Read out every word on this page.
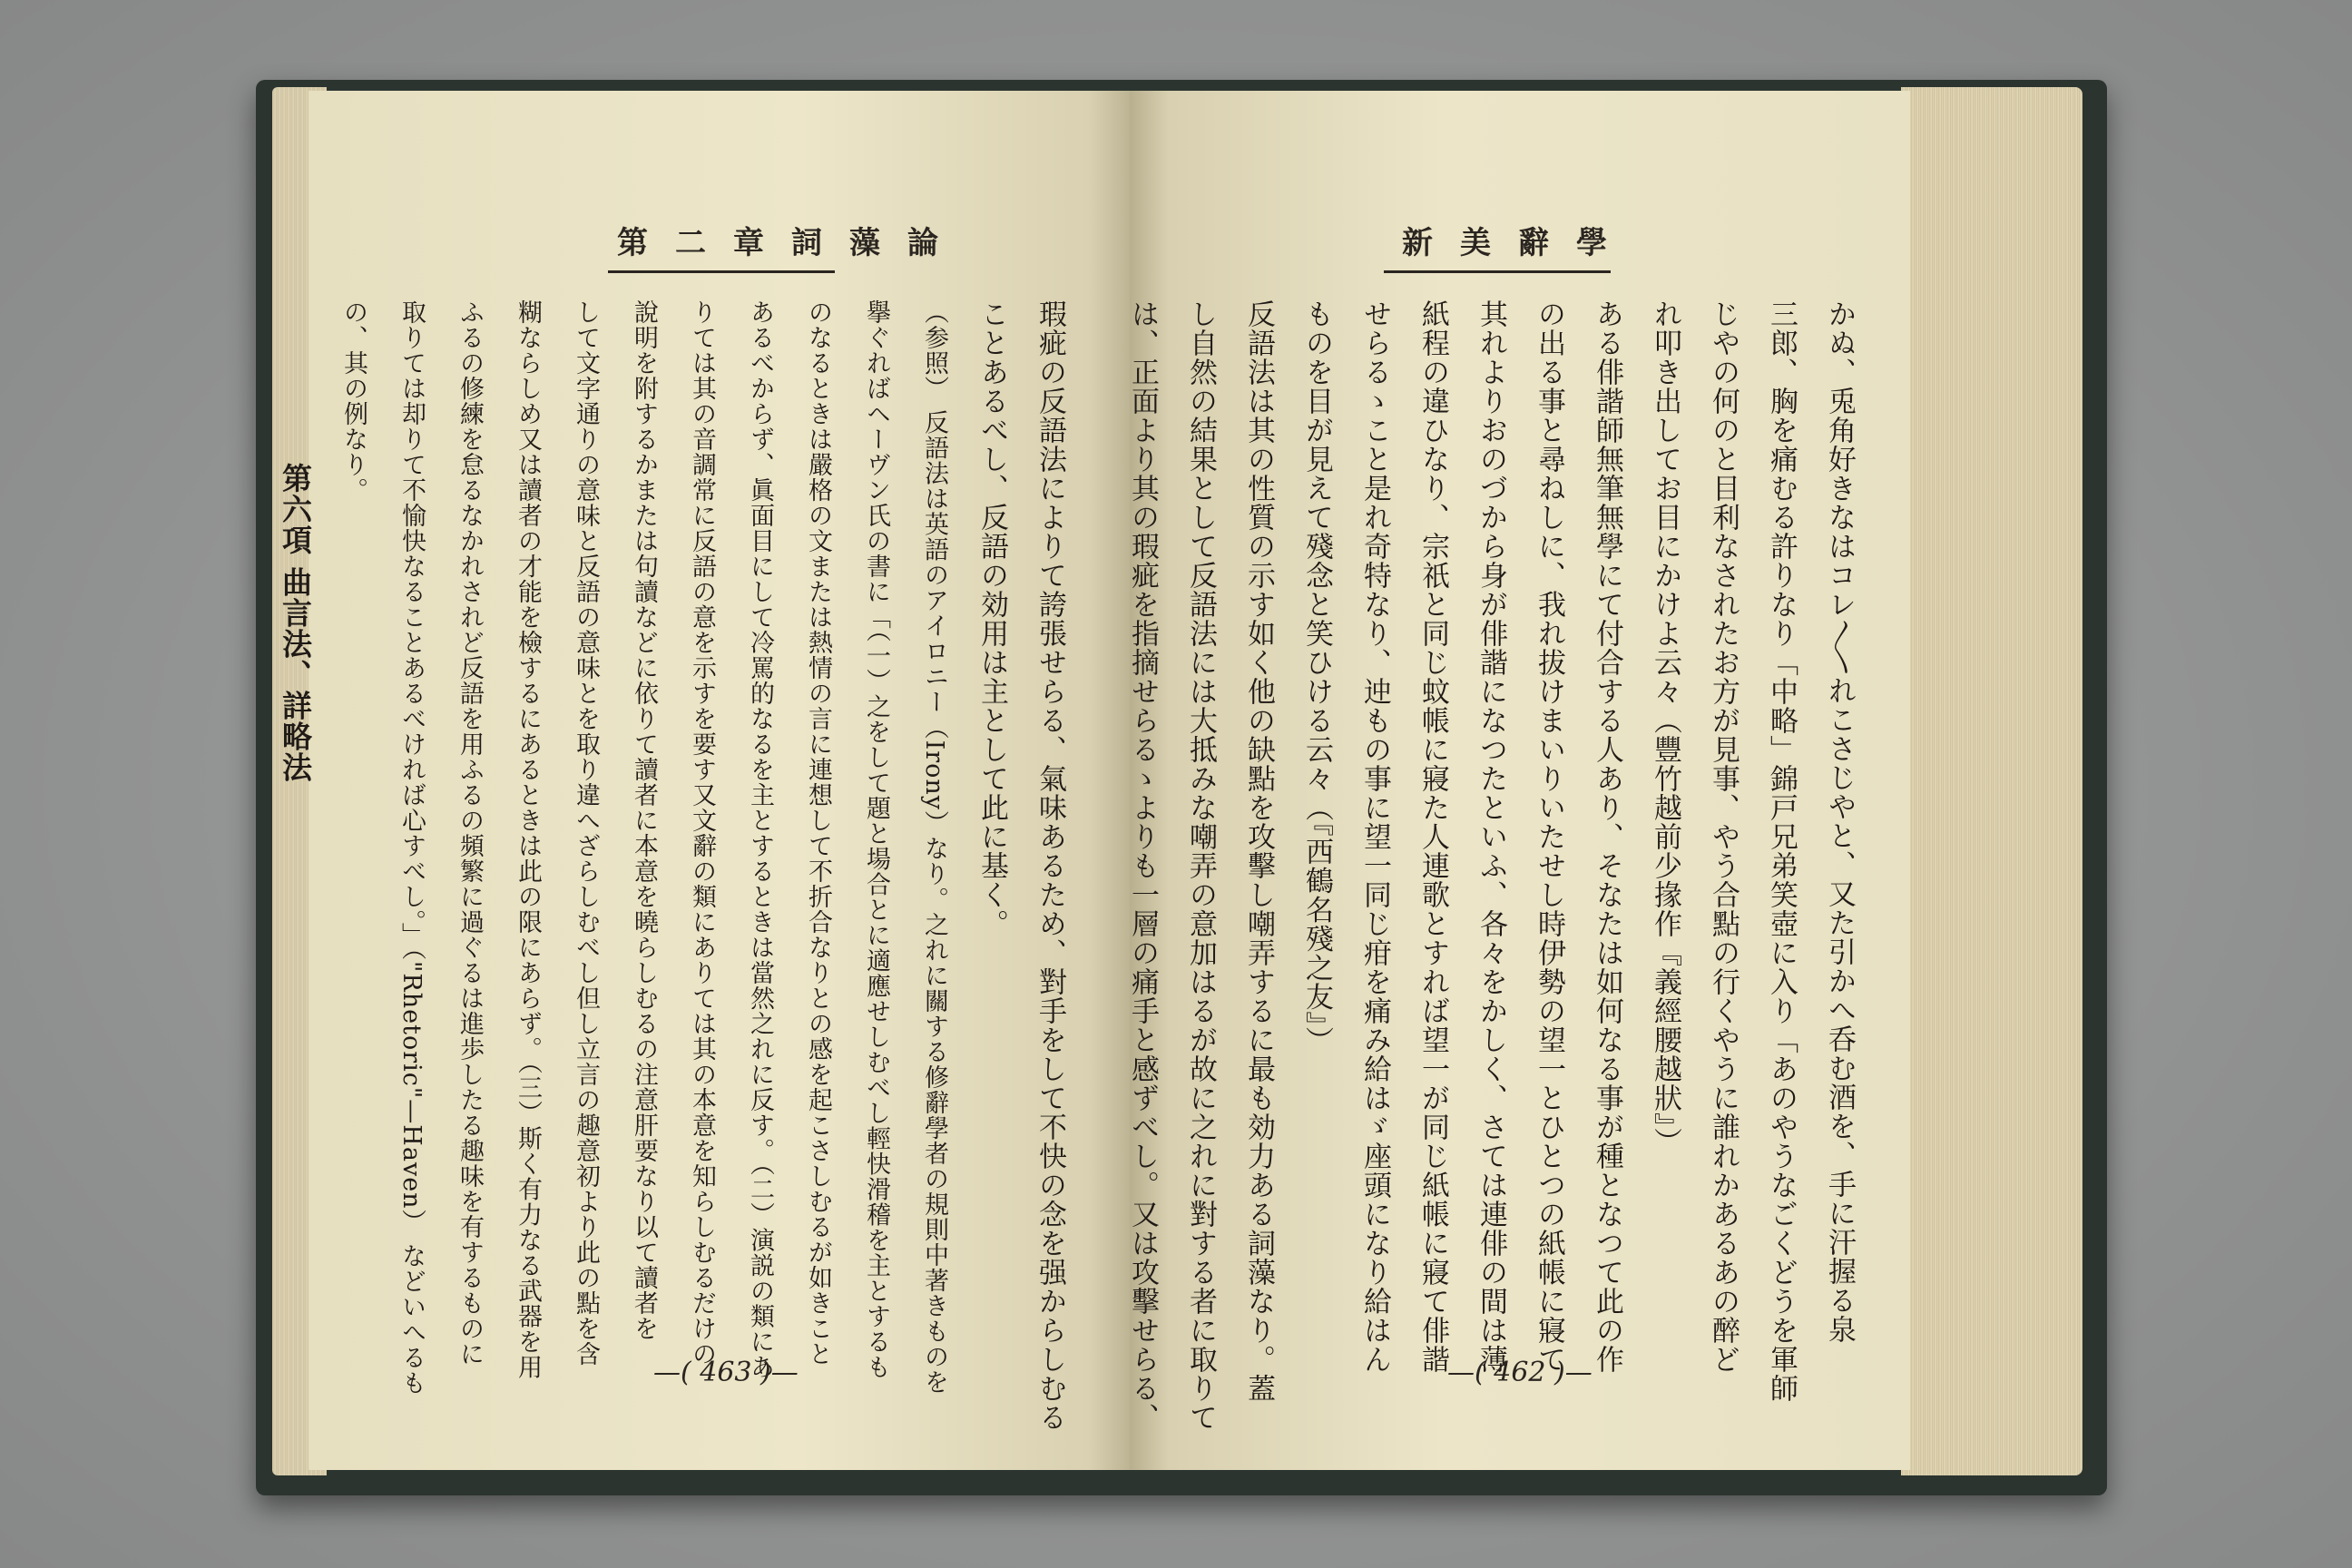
第二章詞藻論
瑕疵の反語法によりて誇張せらる、氣味あるため、對手をして不快の念を强からしむる
ことあるべし、反語の効用は主として此に基く。
（参照） 反語法は英語のアイロニー（Irony）なり。之れに關する修辭學者の規則中著きものを
擧ぐればヘーヴン氏の書に「（一）之をして題と場合とに適應せしむべし輕快滑稽を主とするも
のなるときは嚴格の文または熱情の言に連想して不折合なりとの感を起こさしむるが如きこと
あるべからず、眞面目にして冷罵的なるを主とするときは當然之れに反す。（二）演説の類にあ
りては其の音調常に反語の意を示すを要す又文辭の類にありては其の本意を知らしむるだけの
說明を附するかまたは句讀などに依りて讀者に本意を曉らしむるの注意肝要なり以て讀者を
して文字通りの意味と反語の意味とを取り違へざらしむべし但し立言の趣意初より此の點を含
糊ならしめ又は讀者の才能を檢するにあるときは此の限にあらず。（三）斯く有力なる武器を用
ふるの修練を怠るなかれされど反語を用ふるの頻繁に過ぐるは進歩したる趣味を有するものに
取りては却りて不愉快なることあるべければ心すべし。」（"Rhetoric"—Haven） などいへるも
の、其の例なり。
第六項 曲言法、詳略法
—( 463 )—
新美辭學
かぬ、兎角好きなはコレ〳〵れこさじやと、又た引かへ呑む酒を、手に汗握る泉
三郎、胸を痛むる許りなり「中略」錦戸兄弟笑壺に入り「あのやうなごくどうを軍師
じやの何のと目利なされたお方が見事、やう合點の行くやうに誰れかあるあの醉ど
れ叩き出してお目にかけよ云々（豐竹越前少掾作『義經腰越狀』）
ある俳諧師無筆無學にて付合する人あり、そなたは如何なる事が種となつて此の作
の出る事と尋ねしに、我れ拔けまいりいたせし時伊勢の望一とひとつの紙帳に寢て
其れよりおのづから身が俳諧になつたといふ、各々をかしく、さては連俳の間は薄
紙程の違ひなり、宗祇と同じ蚊帳に寢た人連歌とすれば望一が同じ紙帳に寢て俳諧
せらるゝこと是れ奇特なり、迚もの事に望一同じ疳を痛み給はゞ座頭になり給はん
ものを目が見えて殘念と笑ひける云々（『西鶴名殘之友』）
反語法は其の性質の示す如く他の缺點を攻擊し嘲弄するに最も効力ある詞藻なり。蓋
し自然の結果として反語法には大抵みな嘲弄の意加はるが故に之れに對する者に取りて
は、正面より其の瑕疵を指摘せらるゝよりも一層の痛手と感ずべし。又は攻擊せらる、	—( 462 )—
